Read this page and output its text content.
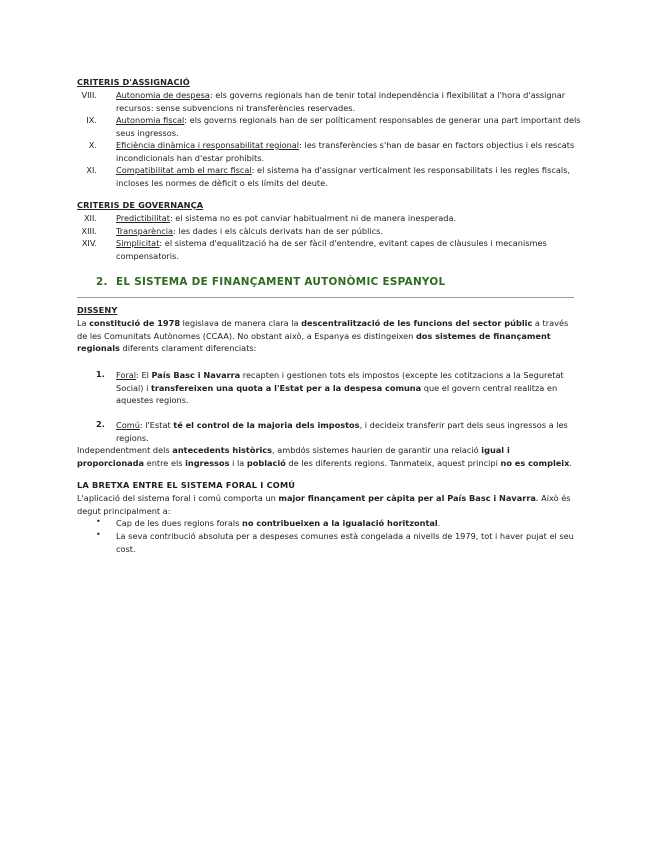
CRITERIS D'ASSIGNACIÓ
VIII. Autonomia de despesa: els governs regionals han de tenir total independència i flexibilitat a l'hora d'assignar recursos: sense subvencions ni transferències reservades.
IX. Autonomia fiscal: els governs regionals han de ser políticament responsables de generar una part important dels seus ingressos.
X. Eficiència dinàmica i responsabilitat regional: les transferències s'han de basar en factors objectius i els rescats incondicionals han d'estar prohibits.
XI. Compatibilitat amb el marc fiscal: el sistema ha d'assignar verticalment les responsabilitats i les regles fiscals, incloses les normes de dèficit o els límits del deute.
CRITERIS DE GOVERNANÇA
XII. Predictibilitat: el sistema no es pot canviar habitualment ni de manera inesperada.
XIII. Transparència: les dades i els càlculs derivats han de ser públics.
XIV. Simplicitat: el sistema d'equalització ha de ser fàcil d'entendre, evitant capes de clàusules i mecanismes compensatoris.
2. EL SISTEMA DE FINANÇAMENT AUTONÒMIC ESPANYOL
DISSENY
La constitució de 1978 legislava de manera clara la descentralització de les funcions del sector públic a través de les Comunitats Autònomes (CCAA). No obstant això, a Espanya es distingeixen dos sistemes de finançament regionals diferents clarament diferenciats:
1. Foral: El País Basc i Navarra recapten i gestionen tots els impostos (excepte les cotitzacions a la Seguretat Social) i transfereixen una quota a l'Estat per a la despesa comuna que el govern central realitza en aquestes regions.
2. Comú: l'Estat té el control de la majoria dels impostos, i decideix transferir part dels seus ingressos a les regions.
Independentment dels antecedents històrics, ambdós sistemes haurien de garantir una relació igual i proporcionada entre els ingressos i la població de les diferents regions. Tanmateix, aquest principi no es compleix.
LA BRETXA ENTRE EL SISTEMA FORAL I COMÚ
L'aplicació del sistema foral i comú comporta un major finançament per càpita per al País Basc i Navarra. Això és degut principalment a:
• Cap de les dues regions forals no contribueixen a la igualació horitzontal.
• La seva contribució absoluta per a despeses comunes està congelada a nivells de 1979, tot i haver pujat el seu cost.
